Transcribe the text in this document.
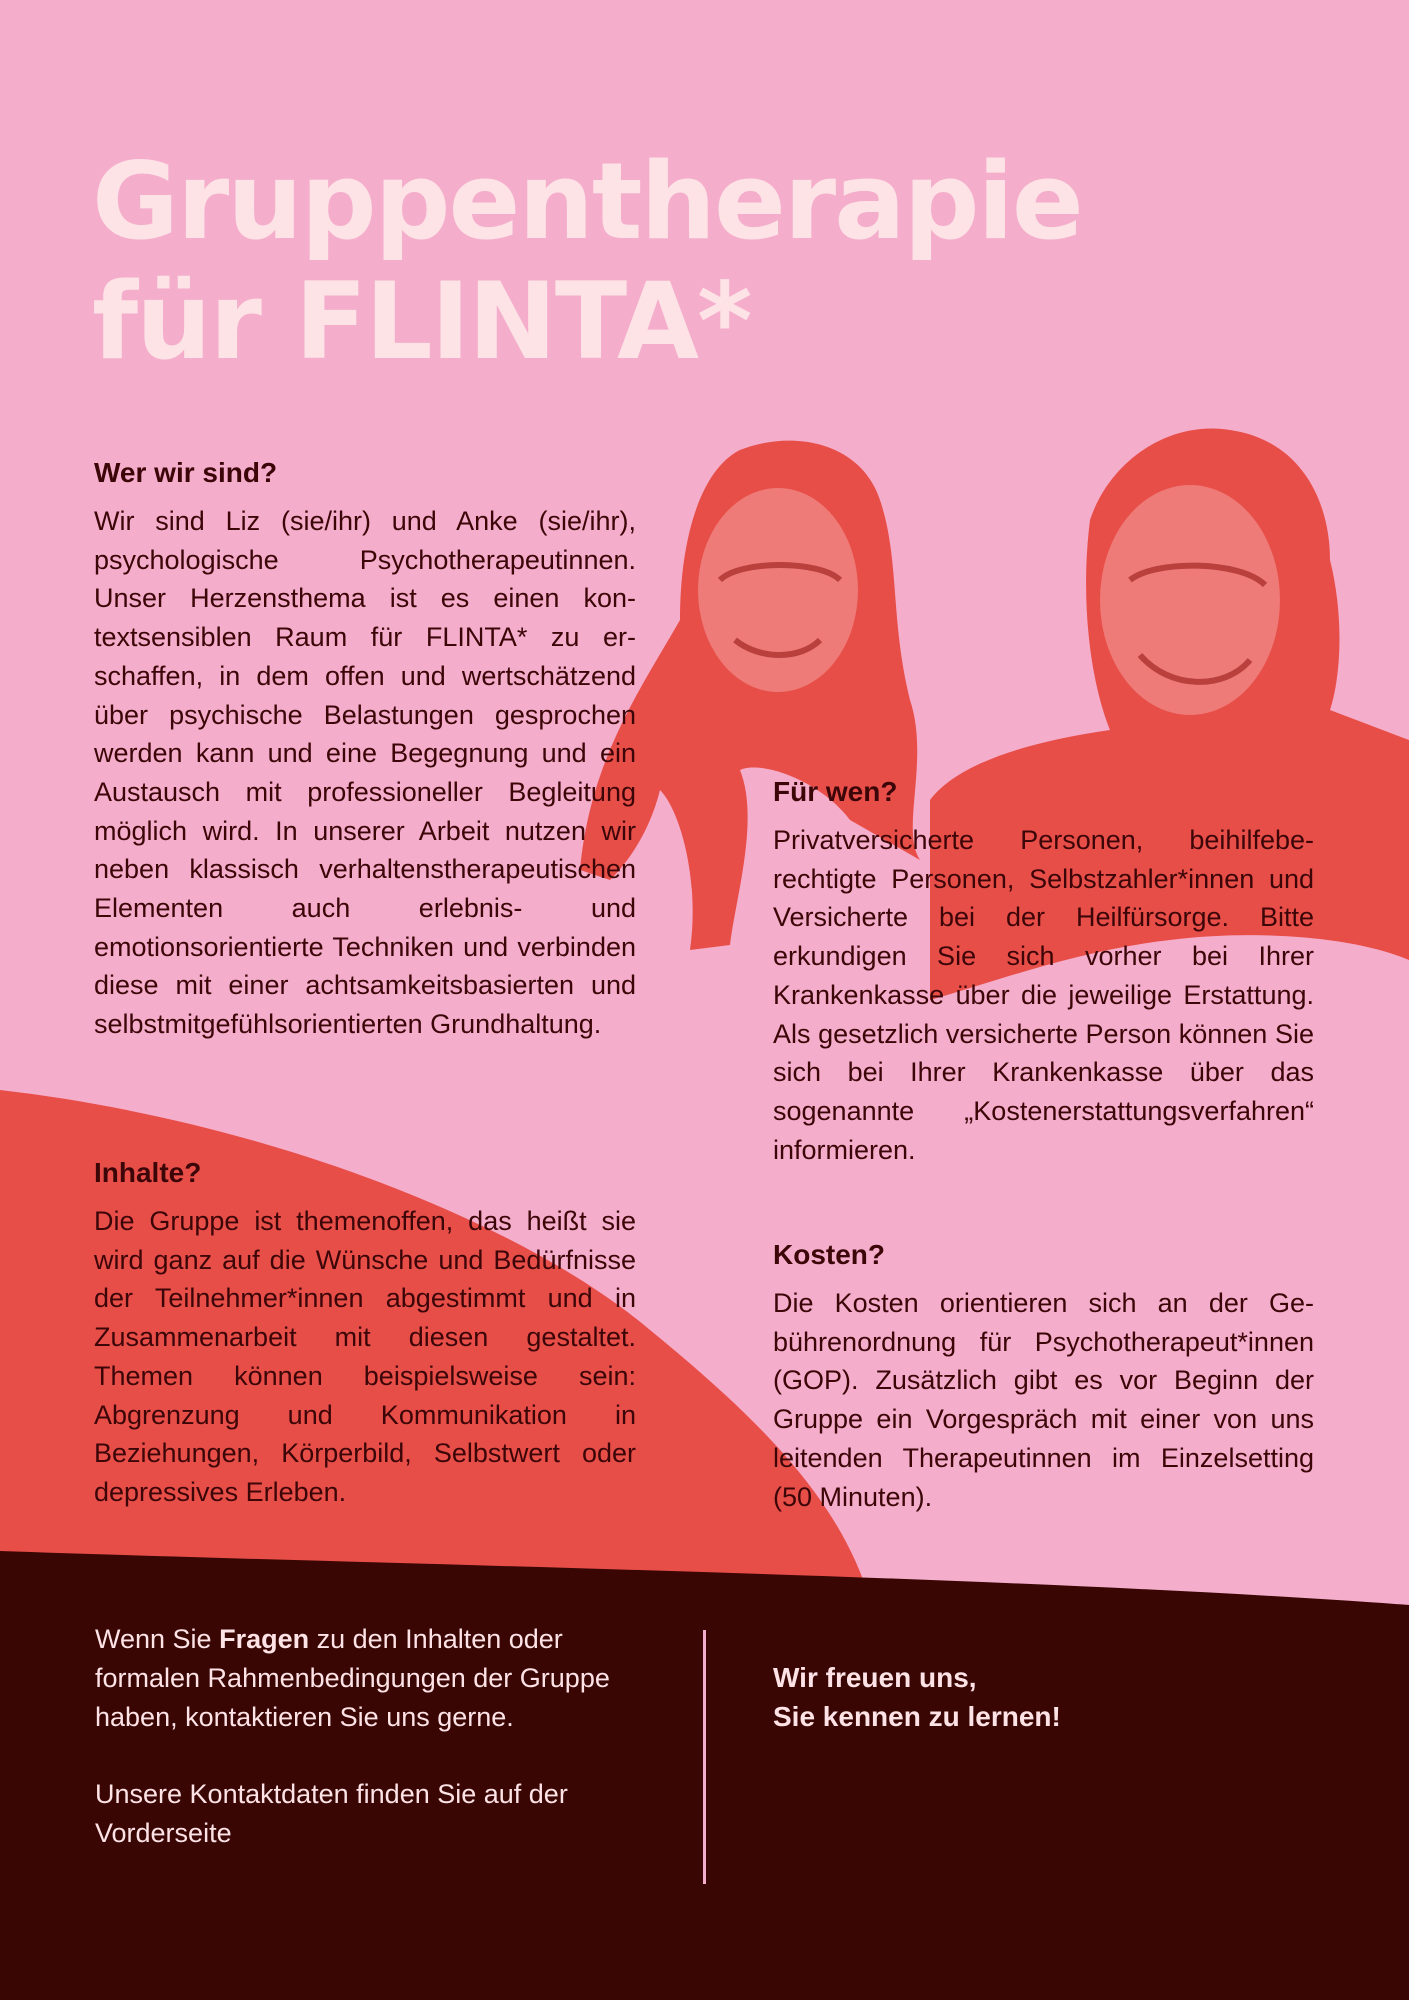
Gruppentherapie
für FLINTA*
Wer wir sind?

Wir sind Liz (sie/ihr) und Anke (sie/ihr), psychologische Psychotherapeutinnen. Unser Herzensthema ist es einen kontextsensiblen Raum für FLINTA* zu erschaffen, in dem offen und wertschätzend über psychische Belastungen gesprochen werden kann und eine Begegnung und ein Austausch mit professioneller Begleitung möglich wird. In unserer Arbeit nutzen wir neben klassisch verhaltenstherapeutischen Elementen auch erlebnis- und emotionsorientierte Techniken und verbinden diese mit einer achtsamkeitsbasierten und selbstmitgefühlsorientierten Grundhaltung.

Inhalte?

Die Gruppe ist themenoffen, das heißt sie wird ganz auf die Wünsche und Bedürfnisse der Teilnehmer*innen abgestimmt und in Zusammenarbeit mit diesen gestaltet. Themen können beispielsweise sein: Abgrenzung und Kommunikation in Beziehungen, Körperbild, Selbstwert oder depressives Erleben.

Für wen?

Privatversicherte Personen, beihilfeberechtigte Personen, Selbstzahler*innen und Versicherte bei der Heilfürsorge. Bitte erkundigen Sie sich vorher bei Ihrer Krankenkasse über die jeweilige Erstattung. Als gesetzlich versicherte Person können Sie sich bei Ihrer Krankenkasse über das sogenannte „Kostenerstattungsverfahren“ informieren.

Kosten?

Die Kosten orientieren sich an der Gebührenordnung für Psychotherapeut*innen (GOP). Zusätzlich gibt es vor Beginn der Gruppe ein Vorgespräch mit einer von uns leitenden Therapeutinnen im Einzelsetting (50 Minuten).

Wenn Sie Fragen zu den Inhalten oder formalen Rahmenbedingungen der Gruppe haben, kontaktieren Sie uns gerne.

Unsere Kontaktdaten finden Sie auf der Vorderseite

Wir freuen uns,
Sie kennen zu lernen!
